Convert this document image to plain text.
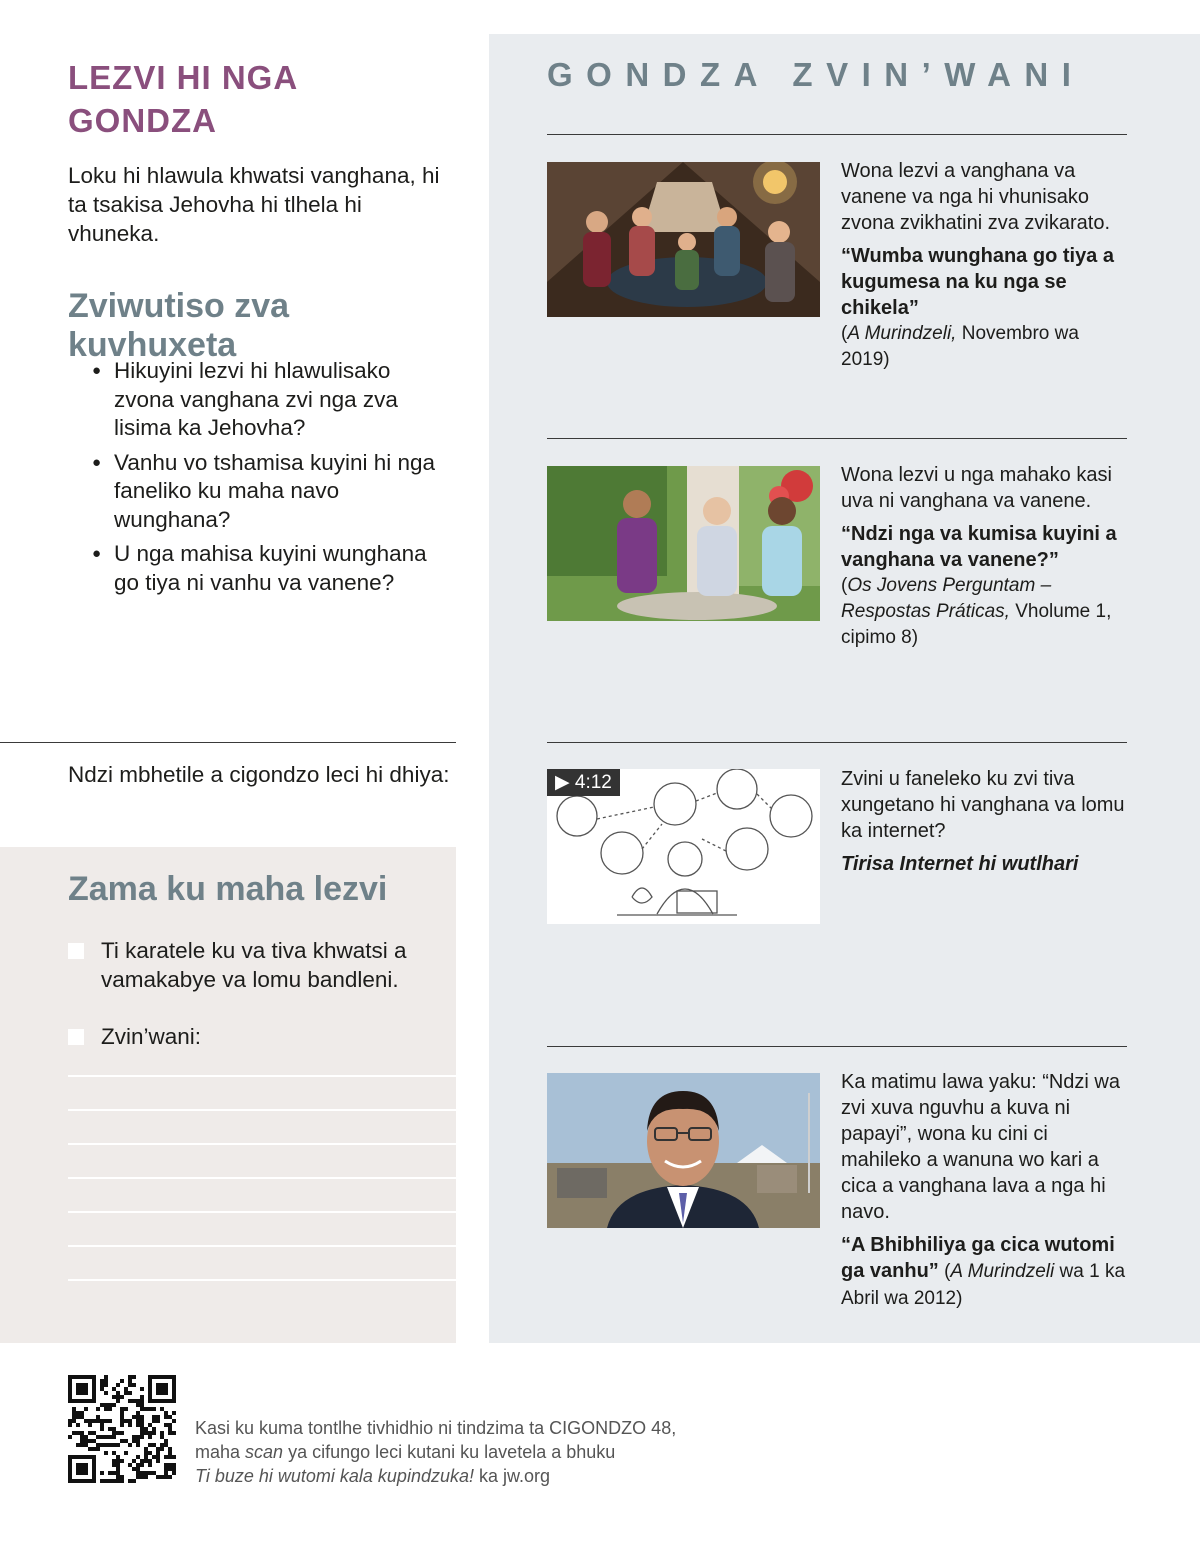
LEZVI HI NGA GONDZA

Loku hi hlawula khwatsi vanghana, hi ta tsakisa Jehovha hi tlhela hi vhuneka.

Zviwutiso zva kuvhuxeta
● Hikuyini lezvi hi hlawulisako zvona vanghana zvi nga zva lisima ka Jehovha?
● Vanhu vo tshamisa kuyini hi nga faneliko ku maha navo wunghana?
● U nga mahisa kuyini wunghana go tiya ni vanhu va vanene?

Ndzi mbhetile a cigondzo leci hi dhiya:

Zama ku maha lezvi

Ti karatele ku va tiva khwatsi a vamakabye va lomu bandleni.

Zvin’wani:

GONDZA ZVIN’WANI

Wona lezvi a vanghana va vanene va nga hi vhunisako zvona zvikhatini zva zvikarato.

“Wumba wunghana go tiya a kugumesa na ku nga se chikela”

(A Murindzeli, Novembro wa 2019)

Wona lezvi u nga mahako kasi uva ni vanghana va vanene.

“Ndzi nga va kumisa kuyini a vanghana va vanene?”

(Os Jovens Perguntam – Respostas Práticas, Vholume 1, cipimo 8)

▶ 4:12	Zvini u faneleko ku zvi tiva xungetano hi vanghana va lomu ka internet?

Tirisa Internet hi wutlhari

Ka matimu lawa yaku: “Ndzi wa zvi xuva nguvhu a kuva ni papayi”, wona ku cini ci mahileko a wanuna wo kari a cica a vanghana lava a nga hi navo.

“A Bhibhiliya ga cica wutomi ga vanhu” (A Murindzeli wa 1 ka Abril wa 2012)

Kasi ku kuma tontlhe tivhidhio ni tindzima ta CIGONDZO 48,
maha scan ya cifungo leci kutani ku lavetela a bhuku
Ti buze hi wutomi kala kupindzuka! ka jw.org
